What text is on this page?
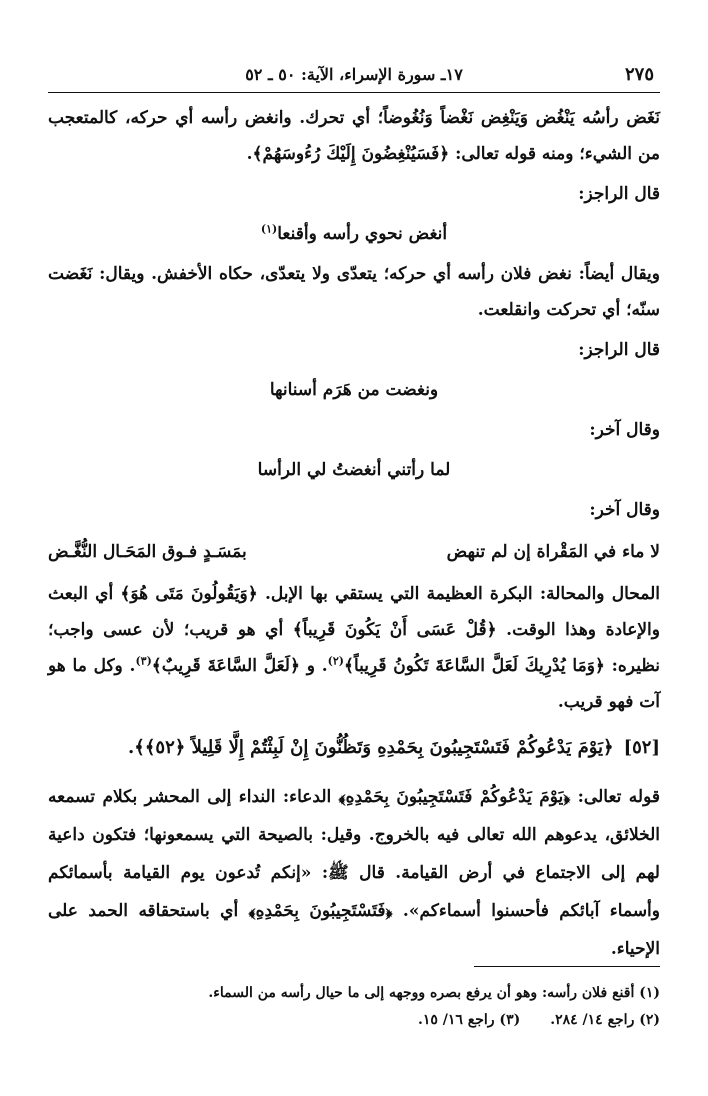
٢٧٥
١٧ـ سورة الإسراء، الآية: ٥٠ ـ ٥٢

نَغَض رأسُه يَنْغُض وَيَنْغِض نَغْضاً وَنُغُوضاً؛ أي تحرك. وانغض رأسه أي حركه، كالمتعجب من الشيء؛ ومنه قوله تعالى: ﴿فَسَيُنْغِضُونَ إِلَيْكَ رُءُوسَهُمْ﴾.

قال الراجز:

أنغض نحوي رأسه وأقنعا$^{(١)}$

ويقال أيضاً: نغض فلان رأسه أي حركه؛ يتعدّى ولا يتعدّى، حكاه الأخفش. ويقال: نَغَضت سنّه؛ أي تحركت وانقلعت.

قال الراجز:

ونغضت من هَرَم أسنانها

وقال آخر:

لما رأتني أنغضتُ لي الرأسا

وقال آخر:

لا ماء في المَقْراة إن لم تنهض
بمَسَـدٍ فـوق المَحَـال النُّغَّـض

المحال والمحالة: البكرة العظيمة التي يستقي بها الإبل. ﴿وَيَقُولُونَ مَتَى هُوَ﴾ أي البعث والإعادة وهذا الوقت. ﴿قُلْ عَسَى أَنْ يَكُونَ قَرِيباً﴾ أي هو قريب؛ لأن عسى واجب؛ نظيره: ﴿وَمَا يُدْرِيكَ لَعَلَّ السَّاعَةَ تَكُونُ قَرِيباً﴾$^{(٢)}$. و ﴿لَعَلَّ السَّاعَةَ قَرِيبٌ﴾$^{(٣)}$. وكل ما هو آت فهو قريب.

[٥٢]﴿يَوْمَ يَدْعُوكُمْ فَتَسْتَجِيبُونَ بِحَمْدِهِ وَتَظُنُّونَ إِنْ لَبِثْتُمْ إِلَّا قَلِيلاً ﴿٥٢﴾﴾.

قوله تعالى: ﴿يَوْمَ يَدْعُوكُمْ فَتَسْتَجِيبُونَ بِحَمْدِهِ﴾ الدعاء: النداء إلى المحشر بكلام تسمعه الخلائق، يدعوهم الله تعالى فيه بالخروج. وقيل: بالصيحة التي يسمعونها؛ فتكون داعية لهم إلى الاجتماع في أرض القيامة. قال ﷺ: «إنكم تُدعون يوم القيامة بأسمائكم وأسماء آبائكم فأحسنوا أسماءكم». ﴿فَتَسْتَجِيبُونَ بِحَمْدِهِ﴾ أي باستحقاقه الحمد على الإحياء.

(١) أقنع فلان رأسه: وهو أن يرفع بصره ووجهه إلى ما حيال رأسه من السماء.
(٢) راجع ١٤/ ٢٨٤.(٣) راجع ١٦/ ١٥.
